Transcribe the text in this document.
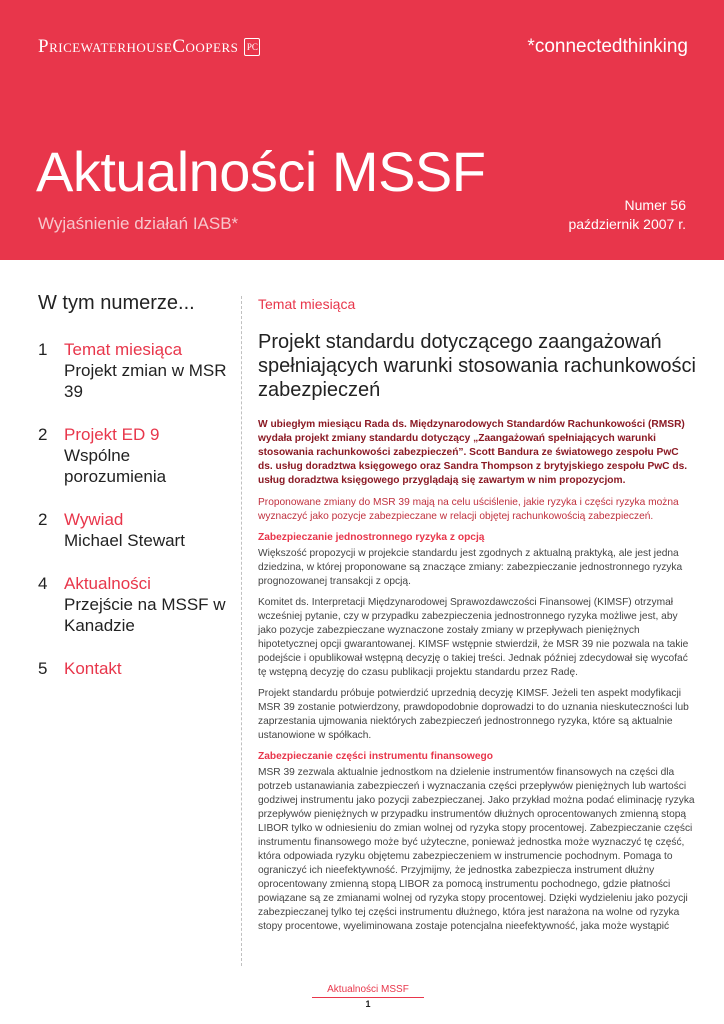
PricewaterhouseCoopers PC	*connectedthinking
Aktualności MSSF
Wyjaśnienie działań IASB*
Numer 56
październik 2007 r.
W tym numerze...
1 Temat miesiąca
Projekt zmian w MSR 39
2 Projekt ED 9
Wspólne porozumienia
2 Wywiad
Michael Stewart
4 Aktualności
Przejście na MSSF w Kanadzie
5 Kontakt
Temat miesiąca
Projekt standardu dotyczącego zaangażowań spełniających warunki stosowania rachunkowości zabezpieczeń

W ubiegłym miesiącu Rada ds. Międzynarodowych Standardów Rachunkowości (RMSR) wydała projekt zmiany standardu dotyczący „Zaangażowań spełniających warunki stosowania rachunkowości zabezpieczeń”. Scott Bandura ze światowego zespołu PwC ds. usług doradztwa księgowego oraz Sandra Thompson z brytyjskiego zespołu PwC ds. usług doradztwa księgowego przyglądają się zawartym w nim propozycjom.

Proponowane zmiany do MSR 39 mają na celu uściślenie, jakie ryzyka i części ryzyka można wyznaczyć jako pozycje zabezpieczane w relacji objętej rachunkowością zabezpieczeń.

Zabezpieczanie jednostronnego ryzyka z opcją

Większość propozycji w projekcie standardu jest zgodnych z aktualną praktyką, ale jest jedna dziedzina, w której proponowane są znaczące zmiany: zabezpieczanie jednostronnego ryzyka prognozowanej transakcji z opcją.

Komitet ds. Interpretacji Międzynarodowej Sprawozdawczości Finansowej (KIMSF) otrzymał wcześniej pytanie, czy w przypadku zabezpieczenia jednostronnego ryzyka możliwe jest, aby jako pozycje zabezpieczane wyznaczone zostały zmiany w przepływach pieniężnych hipotetycznej opcji gwarantowanej. KIMSF wstępnie stwierdził, że MSR 39 nie pozwala na takie podejście i opublikował wstępną decyzję o takiej treści. Jednak później zdecydował się wycofać tę wstępną decyzję do czasu publikacji projektu standardu przez Radę.

Projekt standardu próbuje potwierdzić uprzednią decyzję KIMSF. Jeżeli ten aspekt modyfikacji MSR 39 zostanie potwierdzony, prawdopodobnie doprowadzi to do uznania nieskuteczności lub zaprzestania ujmowania niektórych zabezpieczeń jednostronnego ryzyka, które są aktualnie ustanowione w spółkach.

Zabezpieczanie części instrumentu finansowego

MSR 39 zezwala aktualnie jednostkom na dzielenie instrumentów finansowych na części dla potrzeb ustanawiania zabezpieczeń i wyznaczania części przepływów pieniężnych lub wartości godziwej instrumentu jako pozycji zabezpieczanej. Jako przykład można podać eliminację ryzyka przepływów pieniężnych w przypadku instrumentów dłużnych oprocentowanych zmienną stopą LIBOR tylko w odniesieniu do zmian wolnej od ryzyka stopy procentowej. Zabezpieczanie części instrumentu finansowego może być użyteczne, ponieważ jednostka może wyznaczyć tę część, która odpowiada ryzyku objętemu zabezpieczeniem w instrumencie pochodnym. Pomaga to ograniczyć ich nieefektywność. Przyjmijmy, że jednostka zabezpiecza instrument dłużny oprocentowany zmienną stopą LIBOR za pomocą instrumentu pochodnego, gdzie płatności powiązane są ze zmianami wolnej od ryzyka stopy procentowej. Dzięki wydzieleniu jako pozycji zabezpieczanej tylko tej części instrumentu dłużnego, która jest narażona na wolne od ryzyka stopy procentowe, wyeliminowana zostaje potencjalna nieefektywność, jaka może wystąpić

Aktualności MSSF
1
